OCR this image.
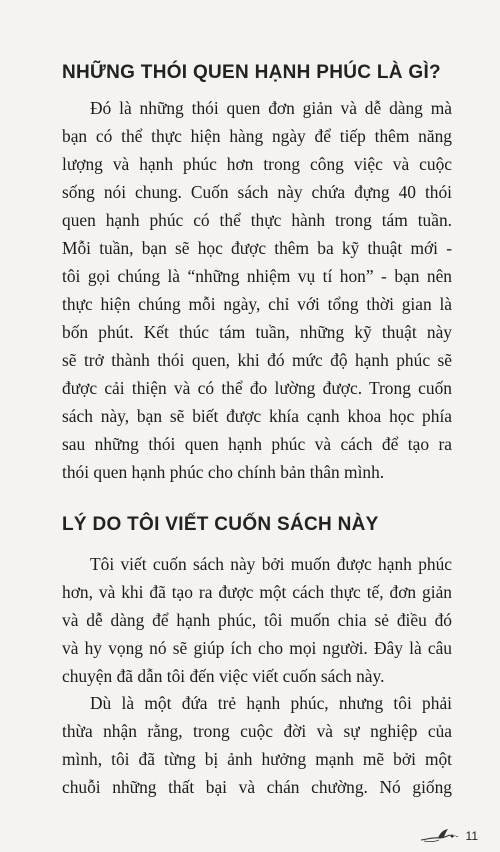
NHỮNG THÓI QUEN HẠNH PHÚC LÀ GÌ?
Đó là những thói quen đơn giản và dễ dàng mà
bạn có thể thực hiện hàng ngày để tiếp thêm năng
lượng và hạnh phúc hơn trong công việc và cuộc
sống nói chung. Cuốn sách này chứa đựng 40 thói
quen hạnh phúc có thể thực hành trong tám tuần.
Mỗi tuần, bạn sẽ học được thêm ba kỹ thuật mới -
tôi gọi chúng là “những nhiệm vụ tí hon” - bạn nên
thực hiện chúng mỗi ngày, chỉ với tổng thời gian là
bốn phút. Kết thúc tám tuần, những kỹ thuật này
sẽ trở thành thói quen, khi đó mức độ hạnh phúc sẽ
được cải thiện và có thể đo lường được. Trong cuốn
sách này, bạn sẽ biết được khía cạnh khoa học phía
sau những thói quen hạnh phúc và cách để tạo ra
thói quen hạnh phúc cho chính bản thân mình.
LÝ DO TÔI VIẾT CUỐN SÁCH NÀY
Tôi viết cuốn sách này bởi muốn được hạnh phúc
hơn, và khi đã tạo ra được một cách thực tế, đơn giản
và dễ dàng để hạnh phúc, tôi muốn chia sẻ điều đó
và hy vọng nó sẽ giúp ích cho mọi người. Đây là câu
chuyện đã dẫn tôi đến việc viết cuốn sách này.
Dù là một đứa trẻ hạnh phúc, nhưng tôi phải
thừa nhận rằng, trong cuộc đời và sự nghiệp của
mình, tôi đã từng bị ảnh hưởng mạnh mẽ bởi một
chuỗi những thất bại và chán chường. Nó giống
11
